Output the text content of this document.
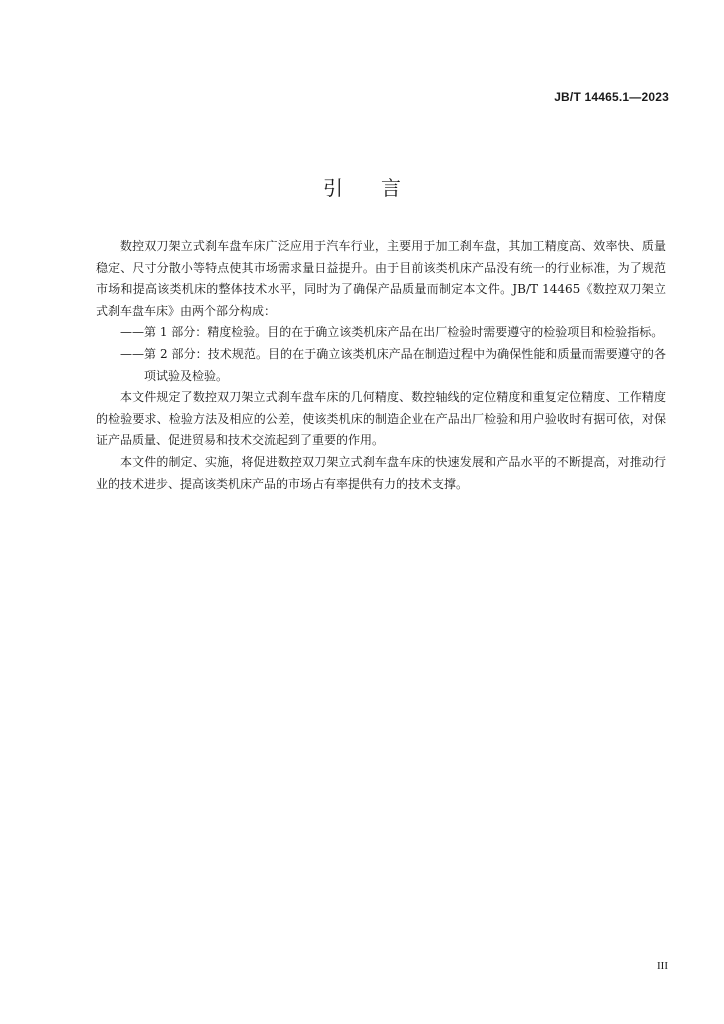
JB/T 14465.1—2023
引言

数控双刀架立式刹车盘车床广泛应用于汽车行业，主要用于加工刹车盘，其加工精度高、效率快、质量稳定、尺寸分散小等特点使其市场需求量日益提升。由于目前该类机床产品没有统一的行业标准，为了规范市场和提高该类机床的整体技术水平，同时为了确保产品质量而制定本文件。JB/T 14465《数控双刀架立式刹车盘车床》由两个部分构成：

——第 1 部分：精度检验。目的在于确立该类机床产品在出厂检验时需要遵守的检验项目和检验指标。

——第 2 部分：技术规范。目的在于确立该类机床产品在制造过程中为确保性能和质量而需要遵守的各项试验及检验。

本文件规定了数控双刀架立式刹车盘车床的几何精度、数控轴线的定位精度和重复定位精度、工作精度的检验要求、检验方法及相应的公差，使该类机床的制造企业在产品出厂检验和用户验收时有据可依，对保证产品质量、促进贸易和技术交流起到了重要的作用。

本文件的制定、实施，将促进数控双刀架立式刹车盘车床的快速发展和产品水平的不断提高，对推动行业的技术进步、提高该类机床产品的市场占有率提供有力的技术支撑。

III
